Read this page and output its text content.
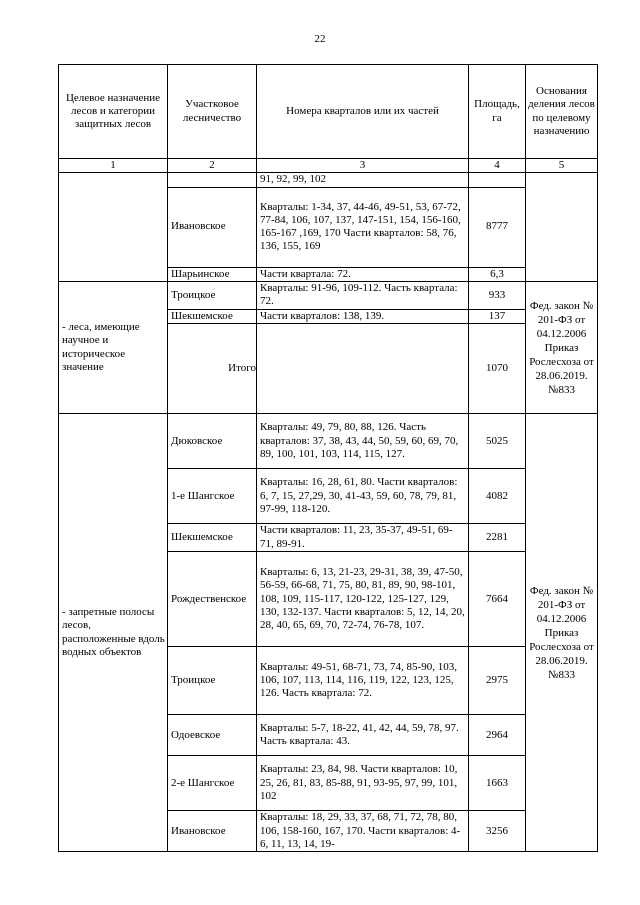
22
Целевое назначение лесов и категории защитных лесов	Участковое лесничество	Номера кварталов или их частей	Площадь, га	Основания деления лесов по целевому назначению
1	2	3	4	5
		91, 92, 99, 102		
	Ивановское	Кварталы: 1-34, 37, 44-46, 49-51, 53, 67-72, 77-84, 106, 107, 137, 147-151, 154, 156-160, 165-167 ,169, 170 Части кварталов: 58, 76, 136, 155, 169	8777	
	Шарьинское	Части квартала: 72.	6,3	
- леса, имеющие научное и историческое значение	Троицкое	Кварталы: 91-96, 109-112. Часть квартала: 72.	933	Фед. закон № 201-ФЗ от 04.12.2006 Приказ Рослесхоза от 28.06.2019. №833
	Шекшемское	Части кварталов: 138, 139.	137	
	Итого		1070	
- запретные полосы лесов, расположенные вдоль водных объектов	Дюковское	Кварталы: 49, 79, 80, 88, 126. Часть кварталов: 37, 38, 43, 44, 50, 59, 60, 69, 70, 89, 100, 101, 103, 114, 115, 127.	5025	Фед. закон № 201-ФЗ от 04.12.2006 Приказ Рослесхоза от 28.06.2019. №833
	1-е Шангское	Кварталы: 16, 28, 61, 80. Части кварталов: 6, 7, 15, 27,29, 30, 41-43, 59, 60, 78, 79, 81, 97-99, 118-120.	4082	
	Шекшемское	Части кварталов: 11, 23, 35-37, 49-51, 69-71, 89-91.	2281	
	Рождественское	Кварталы: 6, 13, 21-23, 29-31, 38, 39, 47-50, 56-59, 66-68, 71, 75, 80, 81, 89, 90, 98-101, 108, 109, 115-117, 120-122, 125-127, 129, 130, 132-137. Части кварталов: 5, 12, 14, 20, 28, 40, 65, 69, 70, 72-74, 76-78, 107.	7664	
	Троицкое	Кварталы: 49-51, 68-71, 73, 74, 85-90, 103, 106, 107, 113, 114, 116, 119, 122, 123, 125, 126. Часть квартала: 72.	2975	
	Одоевское	Кварталы: 5-7, 18-22, 41, 42, 44, 59, 78, 97. Часть квартала: 43.	2964	
	2-е Шангское	Кварталы: 23, 84, 98. Части кварталов: 10, 25, 26, 81, 83, 85-88, 91, 93-95, 97, 99, 101, 102	1663	
	Ивановское	Кварталы: 18, 29, 33, 37, 68, 71, 72, 78, 80, 106, 158-160, 167, 170. Части кварталов: 4-6, 11, 13, 14, 19-	3256	
